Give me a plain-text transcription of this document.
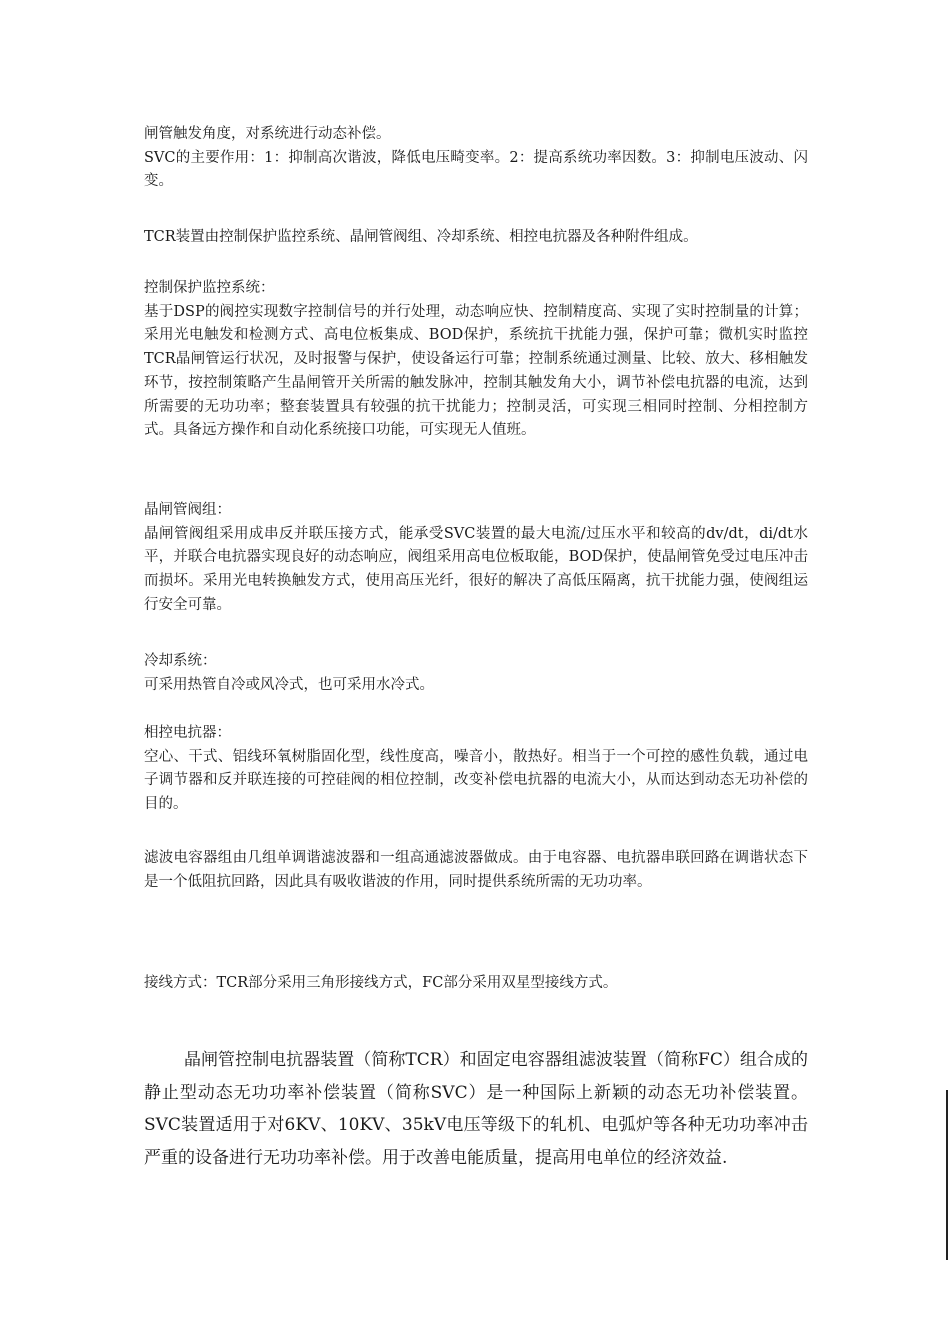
闸管触发角度，对系统进行动态补偿。

SVC的主要作用：1：抑制高次谐波，降低电压畸变率。2：提高系统功率因数。3：抑制电压波动、闪变。

TCR装置由控制保护监控系统、晶闸管阀组、冷却系统、相控电抗器及各种附件组成。

控制保护监控系统：

基于DSP的阀控实现数字控制信号的并行处理，动态响应快、控制精度高、实现了实时控制量的计算；采用光电触发和检测方式、高电位板集成、BOD保护，系统抗干扰能力强，保护可靠；微机实时监控TCR晶闸管运行状况，及时报警与保护，使设备运行可靠；控制系统通过测量、比较、放大、移相触发环节，按控制策略产生晶闸管开关所需的触发脉冲，控制其触发角大小，调节补偿电抗器的电流，达到所需要的无功功率；整套装置具有较强的抗干扰能力；控制灵活，可实现三相同时控制、分相控制方式。具备远方操作和自动化系统接口功能，可实现无人值班。

晶闸管阀组：

晶闸管阀组采用成串反并联压接方式，能承受SVC装置的最大电流/过压水平和较高的dv/dt，di/dt水平，并联合电抗器实现良好的动态响应，阀组采用高电位板取能，BOD保护，使晶闸管免受过电压冲击而损坏。采用光电转换触发方式，使用高压光纤，很好的解决了高低压隔离，抗干扰能力强，使阀组运行安全可靠。

冷却系统：

可采用热管自冷或风冷式，也可采用水冷式。

相控电抗器：

空心、干式、铝线环氧树脂固化型，线性度高，噪音小，散热好。相当于一个可控的感性负载，通过电子调节器和反并联连接的可控硅阀的相位控制，改变补偿电抗器的电流大小，从而达到动态无功补偿的目的。

滤波电容器组由几组单调谐滤波器和一组高通滤波器做成。由于电容器、电抗器串联回路在调谐状态下是一个低阻抗回路，因此具有吸收谐波的作用，同时提供系统所需的无功功率。

接线方式：TCR部分采用三角形接线方式，FC部分采用双星型接线方式。

晶闸管控制电抗器装置（简称TCR）和固定电容器组滤波装置（简称FC）组合成的静止型动态无功功率补偿装置（简称SVC）是一种国际上新颖的动态无功补偿装置。SVC装置适用于对6KV、10KV、35kV电压等级下的轧机、电弧炉等各种无功功率冲击严重的设备进行无功功率补偿。用于改善电能质量，提高用电单位的经济效益.
